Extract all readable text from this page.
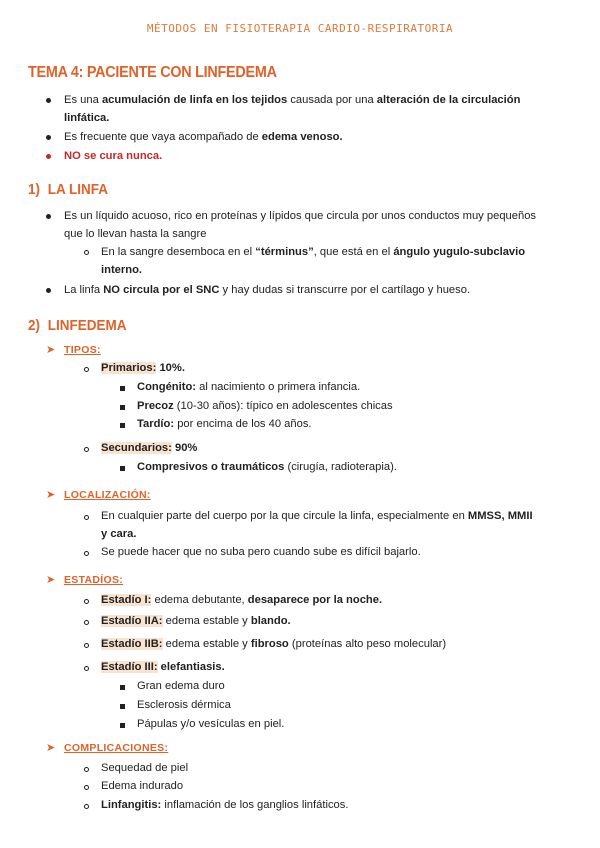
MÉTODOS EN FISIOTERAPIA CARDIO-RESPIRATORIA
TEMA 4: PACIENTE CON LINFEDEMA
Es una acumulación de linfa en los tejidos causada por una alteración de la circulación
linfática.
Es frecuente que vaya acompañado de edema venoso.
NO se cura nunca.
1) LA LINFA
Es un líquido acuoso, rico en proteínas y lípidos que circula por unos conductos muy pequeños
que lo llevan hasta la sangre
En la sangre desemboca en el “términus”, que está en el ángulo yugulo-subclavio
interno.
La linfa NO circula por el SNC y hay dudas si transcurre por el cartílago y hueso.
2) LINFEDEMA
➤ TIPOS:
Primarios: 10%.
Congénito: al nacimiento o primera infancia.
Precoz (10-30 años): típico en adolescentes chicas
Tardío: por encima de los 40 años.
Secundarios: 90%
Compresivos o traumáticos (cirugía, radioterapia).
➤ LOCALIZACIÓN:
En cualquier parte del cuerpo por la que circule la linfa, especialmente en MMSS, MMII
y cara.
Se puede hacer que no suba pero cuando sube es difícil bajarlo.
➤ ESTADÍOS:
Estadío I: edema debutante, desaparece por la noche.
Estadío IIA: edema estable y blando.
Estadío IIB: edema estable y fibroso (proteínas alto peso molecular)
Estadío III: elefantiasis.
Gran edema duro
Esclerosis dérmica
Pápulas y/o vesículas en piel.
➤ COMPLICACIONES:
Sequedad de piel
Edema indurado
Linfangitis: inflamación de los ganglios linfáticos.
